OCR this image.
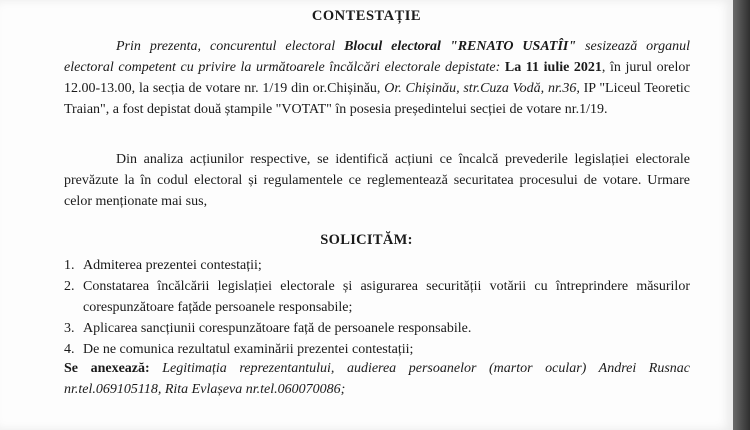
CONTESTAȚIE

Prin prezenta, concurentul electoral Blocul electoral "RENATO USATÎI" sesizează organul electoral competent cu privire la următoarele încălcări electorale depistate: La 11 iulie 2021, în jurul orelor 12.00-13.00, la secția de votare nr. 1/19 din or.Chișinău, Or. Chișinău, str.Cuza Vodă, nr.36, IP "Liceul Teoretic Traian", a fost depistat două ștampile "VOTAT" în posesia președintelui secției de votare nr.1/19.

Din analiza acțiunilor respective, se identifică acțiuni ce încalcă prevederile legislației electorale prevăzute la în codul electoral și regulamentele ce reglementează securitatea procesului de votare. Urmare celor menționate mai sus,

SOLICITĂM:
1. Admiterea prezentei contestații;
2. Constatarea încălcării legislației electorale și asigurarea securității votării cu întreprindere măsurilor corespunzătoare fațăde persoanele responsabile;
3. Aplicarea sancțiunii corespunzătoare față de persoanele responsabile.
4. De ne comunica rezultatul examinării prezentei contestații;

Se anexează: Legitimația reprezentantului, audierea persoanelor (martor ocular) Andrei Rusnac nr.tel.069105118, Rita Evlașeva nr.tel.060070086;
